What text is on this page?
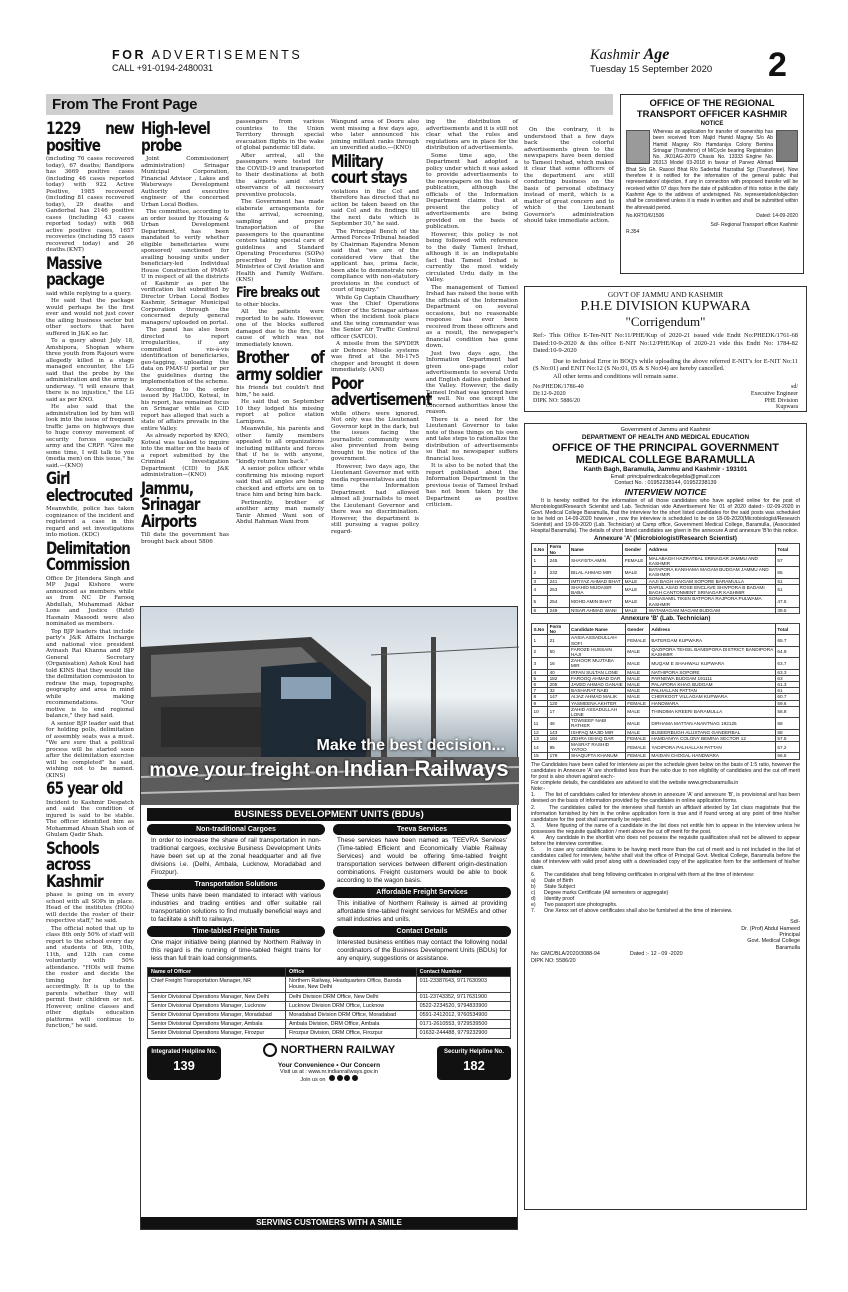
FOR ADVERTISEMENTS
CALL +91-0194-2480031
Kashmir Age
Tuesday 15 September 2020	2
From The Front Page
1229 new positive

(including 76 cases recovered today), 67 deaths; Bandipora has 3669 positive cases (including 46 cases reported today) with 922 Active Positive, 1985 recovered (including 81 cases recovered today), 29 deaths and Ganderbal has 2146 positive cases (including 43 cases reported today) with 968 active positive cases, 1657 recoveries (including 55 cases recovered today) and 26 deaths.(KNT)

Massive package

said while replying to a query.

He said that the package would perhaps be the first ever and would not just cover the ailing business sector but other sectors that have suffered in J&K so far.

To a query about July 18, Amshipora, Shopian where three youth from Rajouri were allegedly killed in a stage managed encounter, the LG said that the probe by the administration and the army is underway. "I will ensure that there is no injustice," the LG said as per KNO.

He also said that the administration led by him will look into the issue of frequent traffic jams on highways due to huge convoy movement of security forces especially army and the CRPF. "Give me some time, I will talk to you (media men) on this issue," he said.—(KNO)

Girl electrocuted

Meanwhile, police has taken cognizance of the incident and registered a case in this regard and set investigations into motion. (KDC)

Delimitation Commission

Office Dr Jitendera Singh and MP Jugal Kishore were announced as members while as from NC Dr Farooq Abdullah, Muhammad Akbar Lone and Justice (Retd) Hasnain Masoodi were also nominated as members.

Top BJP leaders that include party's J&K Affairs Incharge and national vice president Avinash Rai Khanna and BJP General Secretary (Organisation) Ashok Koul had told KINS that they would like the delimitation commission to redraw the map, topography, geography and area in mind while making recommendations. "Our motive is to end regional balance," they had said.

A senior BJP leader said that for holding polls, delimitation of assembly seats was a must. "We are sure that a political process will be started soon after the delimitation exercise will be completed" he said, wishing not to be named. (KINS)

65 year old

Incident to Kashmir Despatch and said the condition of injured is said to be stable. The officer identified him as Mohammad Ahsan Shah son of Ghulam Qadir Shah.

Schools across Kashmir

phase is going on in every school with all SOPs in place. Head of the institutes (HOIs) will decide the roster of their respective staff," he said.

The official noted that up to class 8th only 50% of staff will report to the school every day and students of 9th, 10th, 11th, and 12th can come voluntarily with 50% attendance. "HOIs will frame the roster and decide the timing for students accordingly. It is up to the parents whether they will permit their children or not. However, online classes and other digitals education platforms will continue to function," he said.

High-level probe

Joint Commissioner( administration) Srinagar Municipal Corporation, Financial Advisor , Lakes and Waterways Development Authority and executive engineer of the concerned Urban Local Bodies.

The committee, according to an order issued by Housing & Urban Development Department, has been mandated to verify whether eligible beneficiaries were sponsored/ sanctioned for availing housing units under beneficiary-led Individual House Construction of PMAY-U in respect of all the districts of Kashmir as per the verification list submitted by Director Urban Local Bodies Kashmir, Srinagar Municipal Corporation through the concerned deputy general managers/ uploaded on portal.

The panel has also been directed to report irregularities, if any committed vis-à-vis identification of beneficiaries, geo-tagging, uploading the data on PMAY-U portal or per the guidelines during the implementation of the scheme.

According to the order issued by HaUDD, Kotwal, in his report, has remained focus on Srinagar while as CID report has alleged that such a state of affairs prevails in the entire Valley.

As already reported by KNO, Kotwal was tasked to inquire into the matter on the basis of a report submitted by the Criminal Investigation Department (CID) to J&K administration—(KNO)

Jammu, Srinagar Airports

Till date the government has brought back about 5806

passengers from various countries to the Union Territory through special evacuation flights in the wake of global pandemic till date.

After arrival, all the passengers were tested for the COVID-19 and transported to their destinations at both the airports amid strict observance of all necessary preventive protocols.

The Government has made elaborate arrangements for the arrival, screening, sampling and proper transportation of the passengers to the quarantine centers taking special care of guidelines and Standard Operating Procedures (SOPs) prescribed by the Union Ministries of Civil Aviation and Health and Family Welfare.(KNS)

Fire breaks out

to other blocks.

All the patients were reported to be safe. However, one of the blocks suffered damaged due to the fire, the cause of which was not immediately known.

Brother of army soldier

his friends but couldn't find him," he said.

He said that on September 10 they lodged his missing report at police station Larnipora.

Meanwhile, his parents and other family members appealed to all organizations including militants and forces that if he is with anyone, "kindly return him back."

A senior police officer while confirming his missing report said that all angles are being checked and efforts are on to trace him and bring him back.

Pertinently, brother of another army man namely Tanir Ahmed Wani son of Abdul Rahman Wani from

Wangund area of Dooru also went missing a few days ago, who later announced his joining militant ranks through an unverified audio.—(KNO)

Military court stays

violations in the CoI and therefore has directed that no action be taken based on the said CoI and its findings till the next date which is September 30," he said.

The Principal Bench of the Armed Forces Tribunal headed by Chairman Rajendra Menon said that "we are of the considered view that the applicant has, prima facie, been able to demonstrate non-compliance with non-statutory provisions in the conduct of court of inquiry."

While Gp Captain Chaudhary was the Chief Operations Officer of the Srinagar airbase when the incident took place and the wing commander was the Senior Air Traffic Control officer (SATCO).

A missile from the SPYDER air Defence Missile systems was fired at the Mi-17v5 chopper and brought it down immediately. (ANI)

Poor advertisement

while others were ignored. Not only was the Lieutenant Governor kept in the dark, but the issues facing the journalistic community were also prevented from being brought to the notice of the government.

However, two days ago, the Lieutenant Governor met with media representatives and this time the Information Department had allowed almost all journalists to meet the Lieutenant Governor and there was no discrimination. However, the department is still pursuing a vague policy regard-

ing the distribution of advertisements and it is still not clear what the rules and regulations are in place for the distribution of advertisements.

Some time ago, the Department had adopted a policy under which it was asked to provide advertisements to the newspapers on the basis of publication, although the officials of the Information Department claims that at present the policy of advertisements are being provided on the basis of publication.

However, this policy is not being followed with reference to the daily Tameel Irshad, although it is an indisputable fact that Tameel Irshad is currently the most widely circulated Urdu daily in the Valley.

The management of Tameel Irshad has raised the issue with the officials of the Information Department on several occasions, but no reasonable response has ever been received from these officers and as a result, the newspaper's financial condition has gone down.

Just two days ago, the Information Department had given one-page color advertisements to several Urdu and English dailies published in the Valley. However, the daily Tameel Irshad was ignored here as well. No one except the concerned authorities know the reason.

There is a need for the Lieutenant Governor to take note of these things on his own and take steps to rationalize the distribution of advertisements so that no newspaper suffers financial loss.

It is also to be noted that the report published about the Information Department in the previous issue of Tameel Irshad has not been taken by the Department as positive criticism.

On the contrary, it is understood that a few days back the colorful advertisements given to the newspapers have been denied to Tameel Irshad, which makes it clear that some officers of the department are still conducting business on the basis of personal obstinacy instead of merit, which is a matter of great concern and to which the Lieutenant Governor's administration should take immediate action.

OFFICE OF THE REGIONAL
TRANSPORT OFFICER KASHMIR
NOTICE
Whereas an application for transfer of ownership has been received from Majid Hamid Magray S/o Ab Hamid Magray R/o Hamdaniya Colony Bemina Srinagar (Transferor) of M/Cycle bearing Registration No. JK01AG-2079 Chasis No. 13333 Engine No. 26313 Model 03-2018 in favour of Parvez Ahmad Bhat S/o Gh. Rasool Bhat R/o Saderbal Hazratbal Sgr (Transferee). Now therefore it is notified for the information of the general public that representation/ objection, if any in connection with proposed transfer will be received within 07 days from the date of publication of this notice in the daily Kashmir Age to the address of undersigned. No. representation/objection shall be considered unless it is made in written and shall be submitted within the aforesaid period.
No.KRTO/6/1506	Dated: 14-09-2020
Sd/- Regional Transport officer Kashmir
R.354
GOVT OF JAMMU AND KASHMIR
P.H.E DIVISION KUPWARA
"Corrigendum"
Ref:- This Office E-Ten-NIT No:11/PHE/Kup of 2020-21 issued vide Endtt No:PHEDK/1761-68 Dated:10-9-2020 & this office E-NIT No:12/PHE/Kup of 2020-21 vide this Endtt No: 1784-82 Dated:10-9-2020
Due to technical Error in BOQ's while uploading the above referred E-NIT's for E-NIT No:11 (S No:01) and ENIT No:12 (S No:01, 05 & S No:04) are hereby cancelled.
All other terms and conditions will remain same.
No:PHEDK/1786-40
Dt:12-9-2020
DIPK NO: 5886/20
sd/
Executive Engineer
PHE Division
Kupwara
Government of Jammu and Kashmir
DEPARTMENT OF HEALTH AND MEDICAL EDUCATION
OFFICE OF THE PRINCIPAL GOVERNMENT
MEDICAL COLLEGE BARAMULLA
Kanth Bagh, Baramulla, Jammu and Kashmir - 193101
Email: principalmedicalcollegebla@gmail.com
Contact No. : 01952238144, 01952238139
INTERVIEW NOTICE
It is hereby notified for the information of all those candidates who have applied online for the post of Microbiologist/Research Scientist and Lab. Technician vide Advertisement No: 01 of 2020 dated:- 02-09-2020 in Govt. Medical College Baramulla, that the interview for the short listed candidates for the said posts was scheduled to be held on 14-09-2020 however , now the interview is scheduled to be on 18-09-2020(Microbiologist/Research Scientist) and 19-09-2020 (Lab. Technician) at Camp office, Government Medical College, Baramulla, (Associated Hospital Baramulla). The details of short listed candidates are given in the annexure A and annexure 'B'to this notice.
Annexure 'A' (Microbiologist/Research Scientist)
S.No	Form No	Name	Gender	Address	Total
1	245	SHAYISTA AMIN	FEMALE	MALABAGH HAZRATBAL SRINAGAR JAMMU AND KASHMIR	57
2	232	BILAL AHMAD MIR	MALE	BATAPORA KANIHAMA MAGAM BUDGAM JAMMU AND KASHMIR	55
3	241	IMTIYAZ AHMAD BHAT	MALE	AAJI BAGH HAIGAM SOPORE BARAMULLA	51
4	253	SHAHID MUDASIR BABA	MALE	DARUL ASAD ROSE ENCLAVE SHIVPORA B BADAMI BAGH CANTONMENT SRINAGAR KASHMIR	51
5	254	MOHD AMIN BHAT	MALE	SONASAMIL TIKEN BATPORA RAJPORA PULWAMA KASHMIR	47.5
6	249	NISAR AHMAD WANI	MALE	WATAMAGAM MAGAM BUDGAM	39.5
Annexure 'B' (Lab. Technician)
S.No	Form No	Candidate Name	Gender	Address	Total
1	21	AASIA ASSADULLAH SOFI	FEMALE	BATERGAM KUPWARA	65.7
2	50	FAROZE HUSSAIN HAJI	MALE	QAZIPORA TEHSIL BANDIPORA DISTRICT BANDIPORA KASHMIR	64.9
3	16	ZAHOOR MUJTABA MIR	MALE	MUQAM E SHAHWALI KUPWARA	63.7
4	40	IRFAN SULTAN LONE	MALE	NATHIPORA SOPORE	63.3
5	182	FAROOQ AHMAD DAR	MALE	PARNEWA BUDGAM 191111	63
6	205	JAVED AHMAD GANAIE	MALE	PALAPORA KHAG BUDGAM	61.3
7	32	BASHARAT NABI	MALE	PALHALLAN PATTAN	61
8	147	AIJAZ AHMAD MALIK	MALE	CHERKOOT VILLAGAM KUPWARA	60.7
9	120	YASMEENA AKHTER	FEMALE	HANDWARA	59.6
10	17	ZAHID ASSADULLAH LONE	MALE	THINDIMA KREERI BARAMULLA	58.8
11	46	TOWSEEF NABI RATHER	MALE	DIRHAMA MATTAN ANANTNAG 192125	58
12	143	ISHFAQ MAJID MIR	MALE	BUSEERBUGH ALUSTANG GANDERBAL	58
13	184	ZEHRA ISHAQ DAR	FEMALE	HAMDANIYA COLONY BEMINA SECTOR 12	57.5
14	95	MASRAT RASHID YATOO	FEMALE	YADIPORA PALHALLAN PATTAN	57.2
15	179	SHAQUFTA KHANUM	FEMALE	MAIDAN CHOGAL HANDWARA	56.5
The Candidates have been called for interview as per the schedule given below on the basis of 1:5 ratio, however the candidates in Annexure 'A' are shortlisted less than the ratio due to non eligibility of candidates and the cut off merit for post is also shown against each:-
For complete details, the candidates are advised to visit the website www.gmcbaramulla.in
Note:-
1.      The list of candidates called for interview shown in annexure 'A' and annexure 'B', is provisional and has been devised on the basis of information provided by the candidates in online application forms.
2.      The candidates called for the interview shall furnish an affidavit attested by 1st class magistrate that the information furnished by him in the online application form is true and if found wrong at any point of time his/her candidature for the post shall summarily be rejected.
3.      Mere figuring of the name of a candidate in the list does not entitle him to appear in the interview unless he possesses the requisite qualification / merit above the cut off merit for the post.
4.      Any candidate in the shortlist who does not possess the requisite qualification shall not be allowed to appear before the interview committee.
5.      In case any candidate claims to be having merit more than the cut of merit and is not included in the list of candidates called for interview, he/she shall visit the office of Principal Govt. Medical College, Baramulla before the date of interview with valid proof along with a downloaded copy of the application form for the settlement of his/her claim.
6.      The candidates shall bring following certificates in original with them at the time of interview:
a)      Date of Birth
b)      State Subject
c)      Degree marks Certificate (All semesters or aggregate)
d)      Identity proof
e)      Two passport size photographs.
7.      One Xerox set of above certificates shall also be furnished at the time of interview.
Sd/-
Dr. (Prof) Abdul Hameed
Principal
Govt. Medical College
Baramulla
No: GMC/BLA/2020/3088-94	Dated :- 12 - 09 -2020
DIPK NO: 5586/20
Make the best decision...
move your freight on Indian Railways
BUSINESS DEVELOPMENT UNITS (BDUs)
Non-traditional Cargoes
In order to increase the share of rail transportation in non-traditional cargoes, exclusive Business Development Units have been set up at the zonal headquarter and all five divisions i.e. (Delhi, Ambala, Lucknow, Moradabad and Firozpur).
Transportation Solutions
These units have been mandated to interact with various industries and trading entities and offer suitable rail transportation solutions to find mutually beneficial ways and to facilitate a shift to railways.
Time-tabled Freight Trains
One major initiative being planned by Northern Railway in this regard is the running of time-tabled freight trains for less than full train load consignments.
Teeva Services
These services have been named as 'TEEVRA Services' (Time-tabled Efficient and Economically Viable Railway Services) and would be offering time-tabled freight transportation services between different origin-destination combinations. Freight customers would be able to book according to the wagon basis.
Affordable Freight Services
This initiative of Northern Railway is aimed at providing affordable time-tabled freight services for MSMEs and other small industries and units.
Contact Details
Interested business entities may contact the following nodal coordinators of the Business Development Units (BDUs) for any enquiry, suggestions or assistance.
Name of Officer	Office	Contact Number
Chief Freight Transportation Manager, NR	Northern Railway, Headquarters Office, Baroda House, New Delhi	011-23387643, 9717630903
Senior Divisional Operations Manager, New Delhi	Delhi Division DRM Office, New Delhi	011-23743352, 9717631900
Senior Divisional Operations Manager, Lucknow	Lucknow Division DRM Office, Lucknow	0522-2234520, 9794833900
Senior Divisional Operations Manager, Moradabad	Moradabad Division DRM Office, Moradabad	0591-2412012, 9760534900
Senior Divisional Operations Manager, Ambala	Ambala Division, DRM Office, Ambala	0171-2610553, 9729539500
Senior Divisional Operations Manager, Firozpur	Firozpur Division, DRM Office, Firozpur	01632-244488, 9779232900
Integrated Helpline No.
139
NORTHERN RAILWAY
Your Convenience • Our Concern
Visit us at : www.nr.indianrailways.gov.in
Join us on
Security Helpline No.
182
SERVING CUSTOMERS WITH A SMILE
